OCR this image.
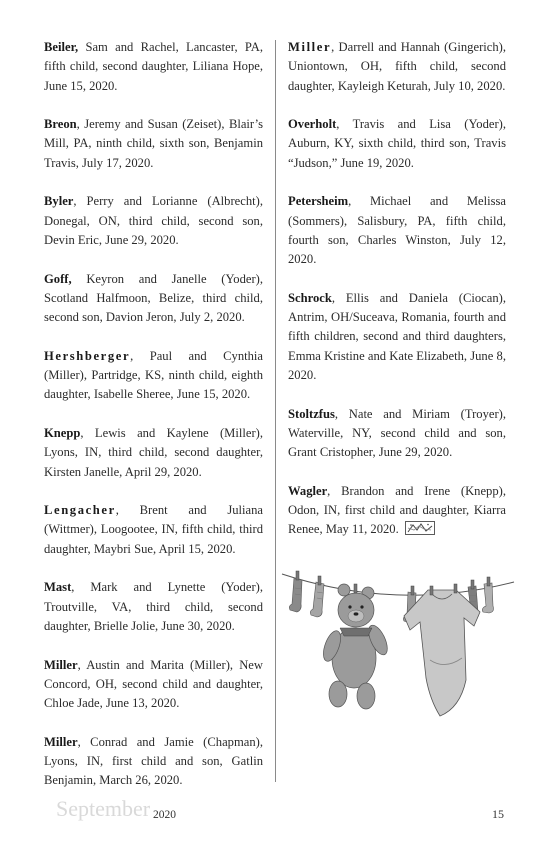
Beiler, Sam and Rachel, Lancaster, PA, fifth child, second daughter, Liliana Hope, June 15, 2020.

Breon, Jeremy and Susan (Zeiset), Blair’s Mill, PA, ninth child, sixth son, Benjamin Travis, July 17, 2020.

Byler, Perry and Lorianne (Albrecht), Donegal, ON, third child, second son, Devin Eric, June 29, 2020.

Goff, Keyron and Janelle (Yoder), Scotland Halfmoon, Belize, third child, second son, Davion Jeron, July 2, 2020.

Hershberger, Paul and Cynthia (Miller), Partridge, KS, ninth child, eighth daughter, Isabelle Sheree, June 15, 2020.

Knepp, Lewis and Kaylene (Miller), Lyons, IN, third child, second daughter, Kirsten Janelle, April 29, 2020.

Lengacher, Brent and Juliana (Wittmer), Loogootee, IN, fifth child, third daughter, Maybri Sue, April 15, 2020.

Mast, Mark and Lynette (Yoder), Troutville, VA, third child, second daughter, Brielle Jolie, June 30, 2020.

Miller, Austin and Marita (Miller), New Concord, OH, second child and daughter, Chloe Jade, June 13, 2020.

Miller, Conrad and Jamie (Chapman), Lyons, IN, first child and son, Gatlin Benjamin, March 26, 2020.

Miller, Darrell and Hannah (Gingerich), Uniontown, OH, fifth child, second daughter, Kayleigh Keturah, July 10, 2020.

Overholt, Travis and Lisa (Yoder), Auburn, KY, sixth child, third son, Travis “Judson,” June 19, 2020.

Petersheim, Michael and Melissa (Sommers), Salisbury, PA, fifth child, fourth son, Charles Winston, July 12, 2020.

Schrock, Ellis and Daniela (Ciocan), Antrim, OH/Suceava, Romania, fourth and fifth children, second and third daughters, Emma Kristine and Kate Elizabeth, June 8, 2020.

Stoltzfus, Nate and Miriam (Troyer), Waterville, NY, second child and son, Grant Cristopher, June 29, 2020.

Wagler, Brandon and Irene (Knepp), Odon, IN, first child and daughter, Kiarra Renee, May 11, 2020.

September 2020	15
